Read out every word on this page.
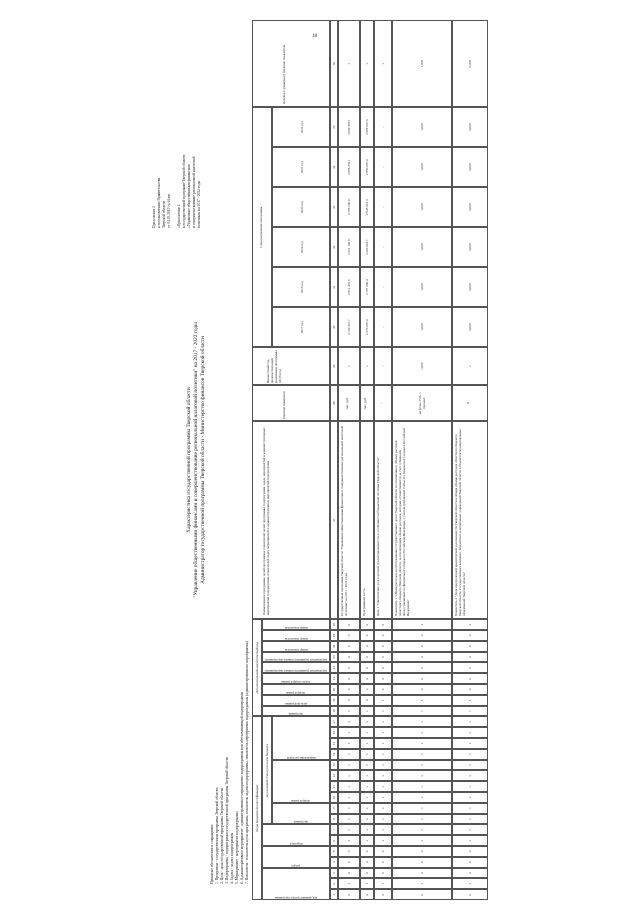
18
Приложение 1 к постановлению Правительства Тверской области от 04.03.2019 № 64-пп «Приложение 1 к государственной программе Тверской области «Управление общественными финансами и совершенствование региональной налоговой политики» на 2017 - 2022 годы
Характеристика государственной программы Тверской области "Управление общественными финансами и совершенствование региональной налоговой политики" на 2017 - 2022 годы Администратор государственной программы Тверской области - Министерство финансов Тверской области
Принятые обозначения и сокращения: 1. Программа - государственная программа Тверской области 2. Цель - цель государственной программы Тверской области 3. Подпрограмма - подпрограмма государственной программы Тверской области 4. Задача - задача подпрограммы 5. Мероприятие - мероприятие подпрограммы 6. Административное мероприятие - административное мероприятие подпрограммы или обеспечивающей подпрограммы 7. Показатель - показатель цели программы, показатель задачи подпрограммы, показатель мероприятия подпрограммы (административного мероприятия) Коды бюджетной классификации
код администратора программы
раздел
подраздел
код целевой статьи расходов бюджета
программа
подпрограмма
направление расходов
Дополнительный аналитический код
программа
цель программы
подпрограмма
задача подпрограммы
мероприятие (административное мероприятие)
мероприятие (административное мероприятие)
номер показателя
номер показателя
номер показателя
Наименование программы, целей программы, показателей целей программы, подпрограмм, задач, мероприятий и административных мероприятий подпрограмм, показателей задач, мероприятий и административных мероприятий подпрограмм
Единица измерения
Финансовый год, предшествующий реализации программы (2016) год
Годы реализации программы
2017 год
2018 год
2019 год
2020 год
2021 год
2022 год
Целевое (суммарное) значение показателя
1
2
3
4
5
6
7
8
9
10
11
12
13
14
15
16
17
18
19
20
21
22
23
24
25
26
27
28
29
30
31
32
33
34
35
36
0
1
0
0
0
х
х
х
х
х
х
х
х
х
х
х
х
1
0
0
0
0
0
0
0
0
Государственная программа Тверской области "Управление общественными финансами и совершенствование региональной налоговой политики" на 2017 - 2022 годы
тыс. руб.
х
2 720 347,7
2 911 419,6
3 351 106,8
3 796 200,8
3 068 255,1
3 099 393,1
х
0
1
0
0
0
х
х
х
х
х
х
х
х
х
х
х
х
1
0
0
0
0
0
0
0
0
Программная часть
тыс. руб.
х
2 370 007,0
2 787 000,4
3 200 818,7
2 945 916,3
2 950 007,0
2 909 007,6
х
0
1
0
0
0
х
х
х
х
х
х
х
х
х
х
х
х
1
1
0
0
0
0
0
0
0
Цель 1 "Обеспечение долгосрочной сбалансированности и устойчивости бюджетной системы Тверской области"
-
-
-
-
-
-
-
-
х
0
1
0
0
0
х
х
х
х
х
х
х
х
х
х
х
х
1
1
0
0
0
0
0
0
1
Показатель 1 "Объем расходов на обслуживание государственного долга Тверской области по отношению к объему расходов областного бюджета Тверской области, за исключением объема расходов, которые осуществляются за счет субвенций, предоставляемых из федерального бюджета Российской Федерации, с учетом требований статьи 111 Бюджетного кодекса Российской Федерации"
не более 15%, 1 процент
1,000
1,000
1,000
1,000
1,000
1,000
1,000
1,000
0
1
0
0
0
х
х
х
х
х
х
х
х
х
х
х
х
1
1
0
0
0
0
0
0
2
Показатель 2 "Доля просроченной кредиторской задолженности Тверской области в общем объеме расходов областного бюджета Тверской области, государственных казенных, бюджетных и автономных учреждений Тверской области и бюджетов муниципальных образований Тверской области"
%
х
0,000
0,000
0,000
0,000
0,000
0,000
0,000
